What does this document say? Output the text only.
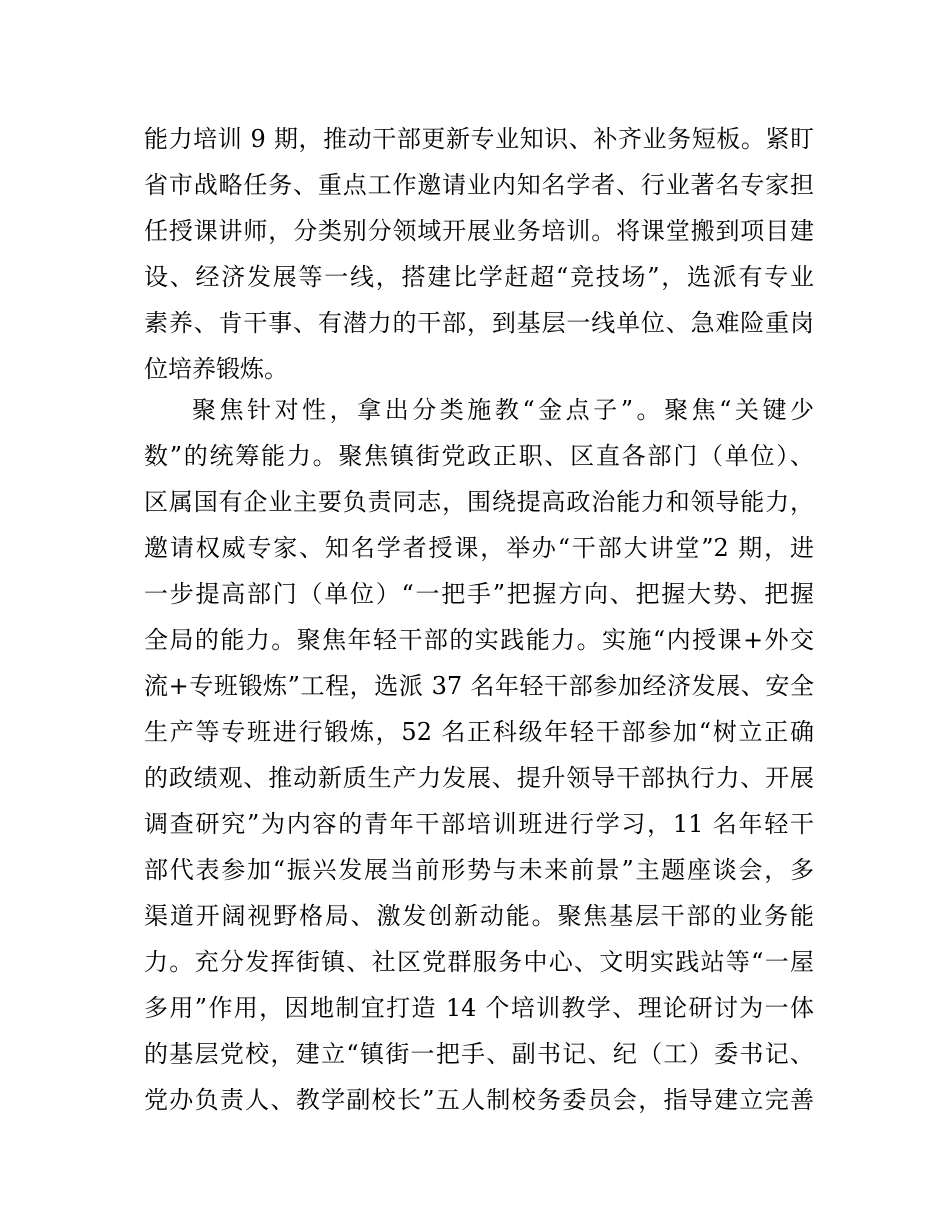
能力培训 9 期，推动干部更新专业知识、补齐业务短板。紧盯
省市战略任务、重点工作邀请业内知名学者、行业著名专家担
任授课讲师，分类别分领域开展业务培训。将课堂搬到项目建
设、经济发展等一线，搭建比学赶超“竞技场”，选派有专业
素养、肯干事、有潜力的干部，到基层一线单位、急难险重岗
位培养锻炼。
聚焦针对性，拿出分类施教“金点子”。聚焦“关键少
数”的统筹能力。聚焦镇街党政正职、区直各部门（单位）、
区属国有企业主要负责同志，围绕提高政治能力和领导能力，
邀请权威专家、知名学者授课，举办“干部大讲堂”2 期，进
一步提高部门（单位）“一把手”把握方向、把握大势、把握
全局的能力。聚焦年轻干部的实践能力。实施“内授课+外交
流+专班锻炼”工程，选派 37 名年轻干部参加经济发展、安全
生产等专班进行锻炼，52 名正科级年轻干部参加“树立正确
的政绩观、推动新质生产力发展、提升领导干部执行力、开展
调查研究”为内容的青年干部培训班进行学习，11 名年轻干
部代表参加“振兴发展当前形势与未来前景”主题座谈会，多
渠道开阔视野格局、激发创新动能。聚焦基层干部的业务能
力。充分发挥街镇、社区党群服务中心、文明实践站等“一屋
多用”作用，因地制宜打造 14 个培训教学、理论研讨为一体
的基层党校，建立“镇街一把手、副书记、纪（工）委书记、
党办负责人、教学副校长”五人制校务委员会，指导建立完善
